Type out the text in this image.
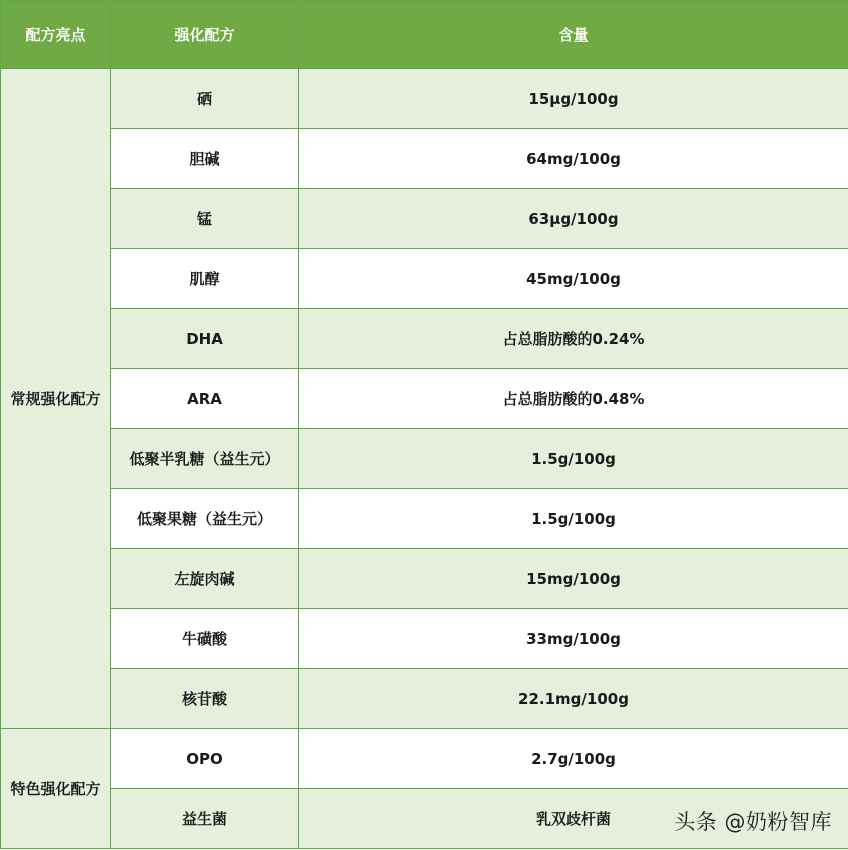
配方亮点	强化配方	含量
常规强化配方	硒	15μg/100g
	胆碱	64mg/100g
	锰	63μg/100g
	肌醇	45mg/100g
	DHA	占总脂肪酸的0.24%
	ARA	占总脂肪酸的0.48%
	低聚半乳糖（益生元）	1.5g/100g
	低聚果糖（益生元）	1.5g/100g
	左旋肉碱	15mg/100g
	牛磺酸	33mg/100g
	核苷酸	22.1mg/100g
特色强化配方	OPO	2.7g/100g
	益生菌	乳双歧杆菌	头条 @奶粉智库
